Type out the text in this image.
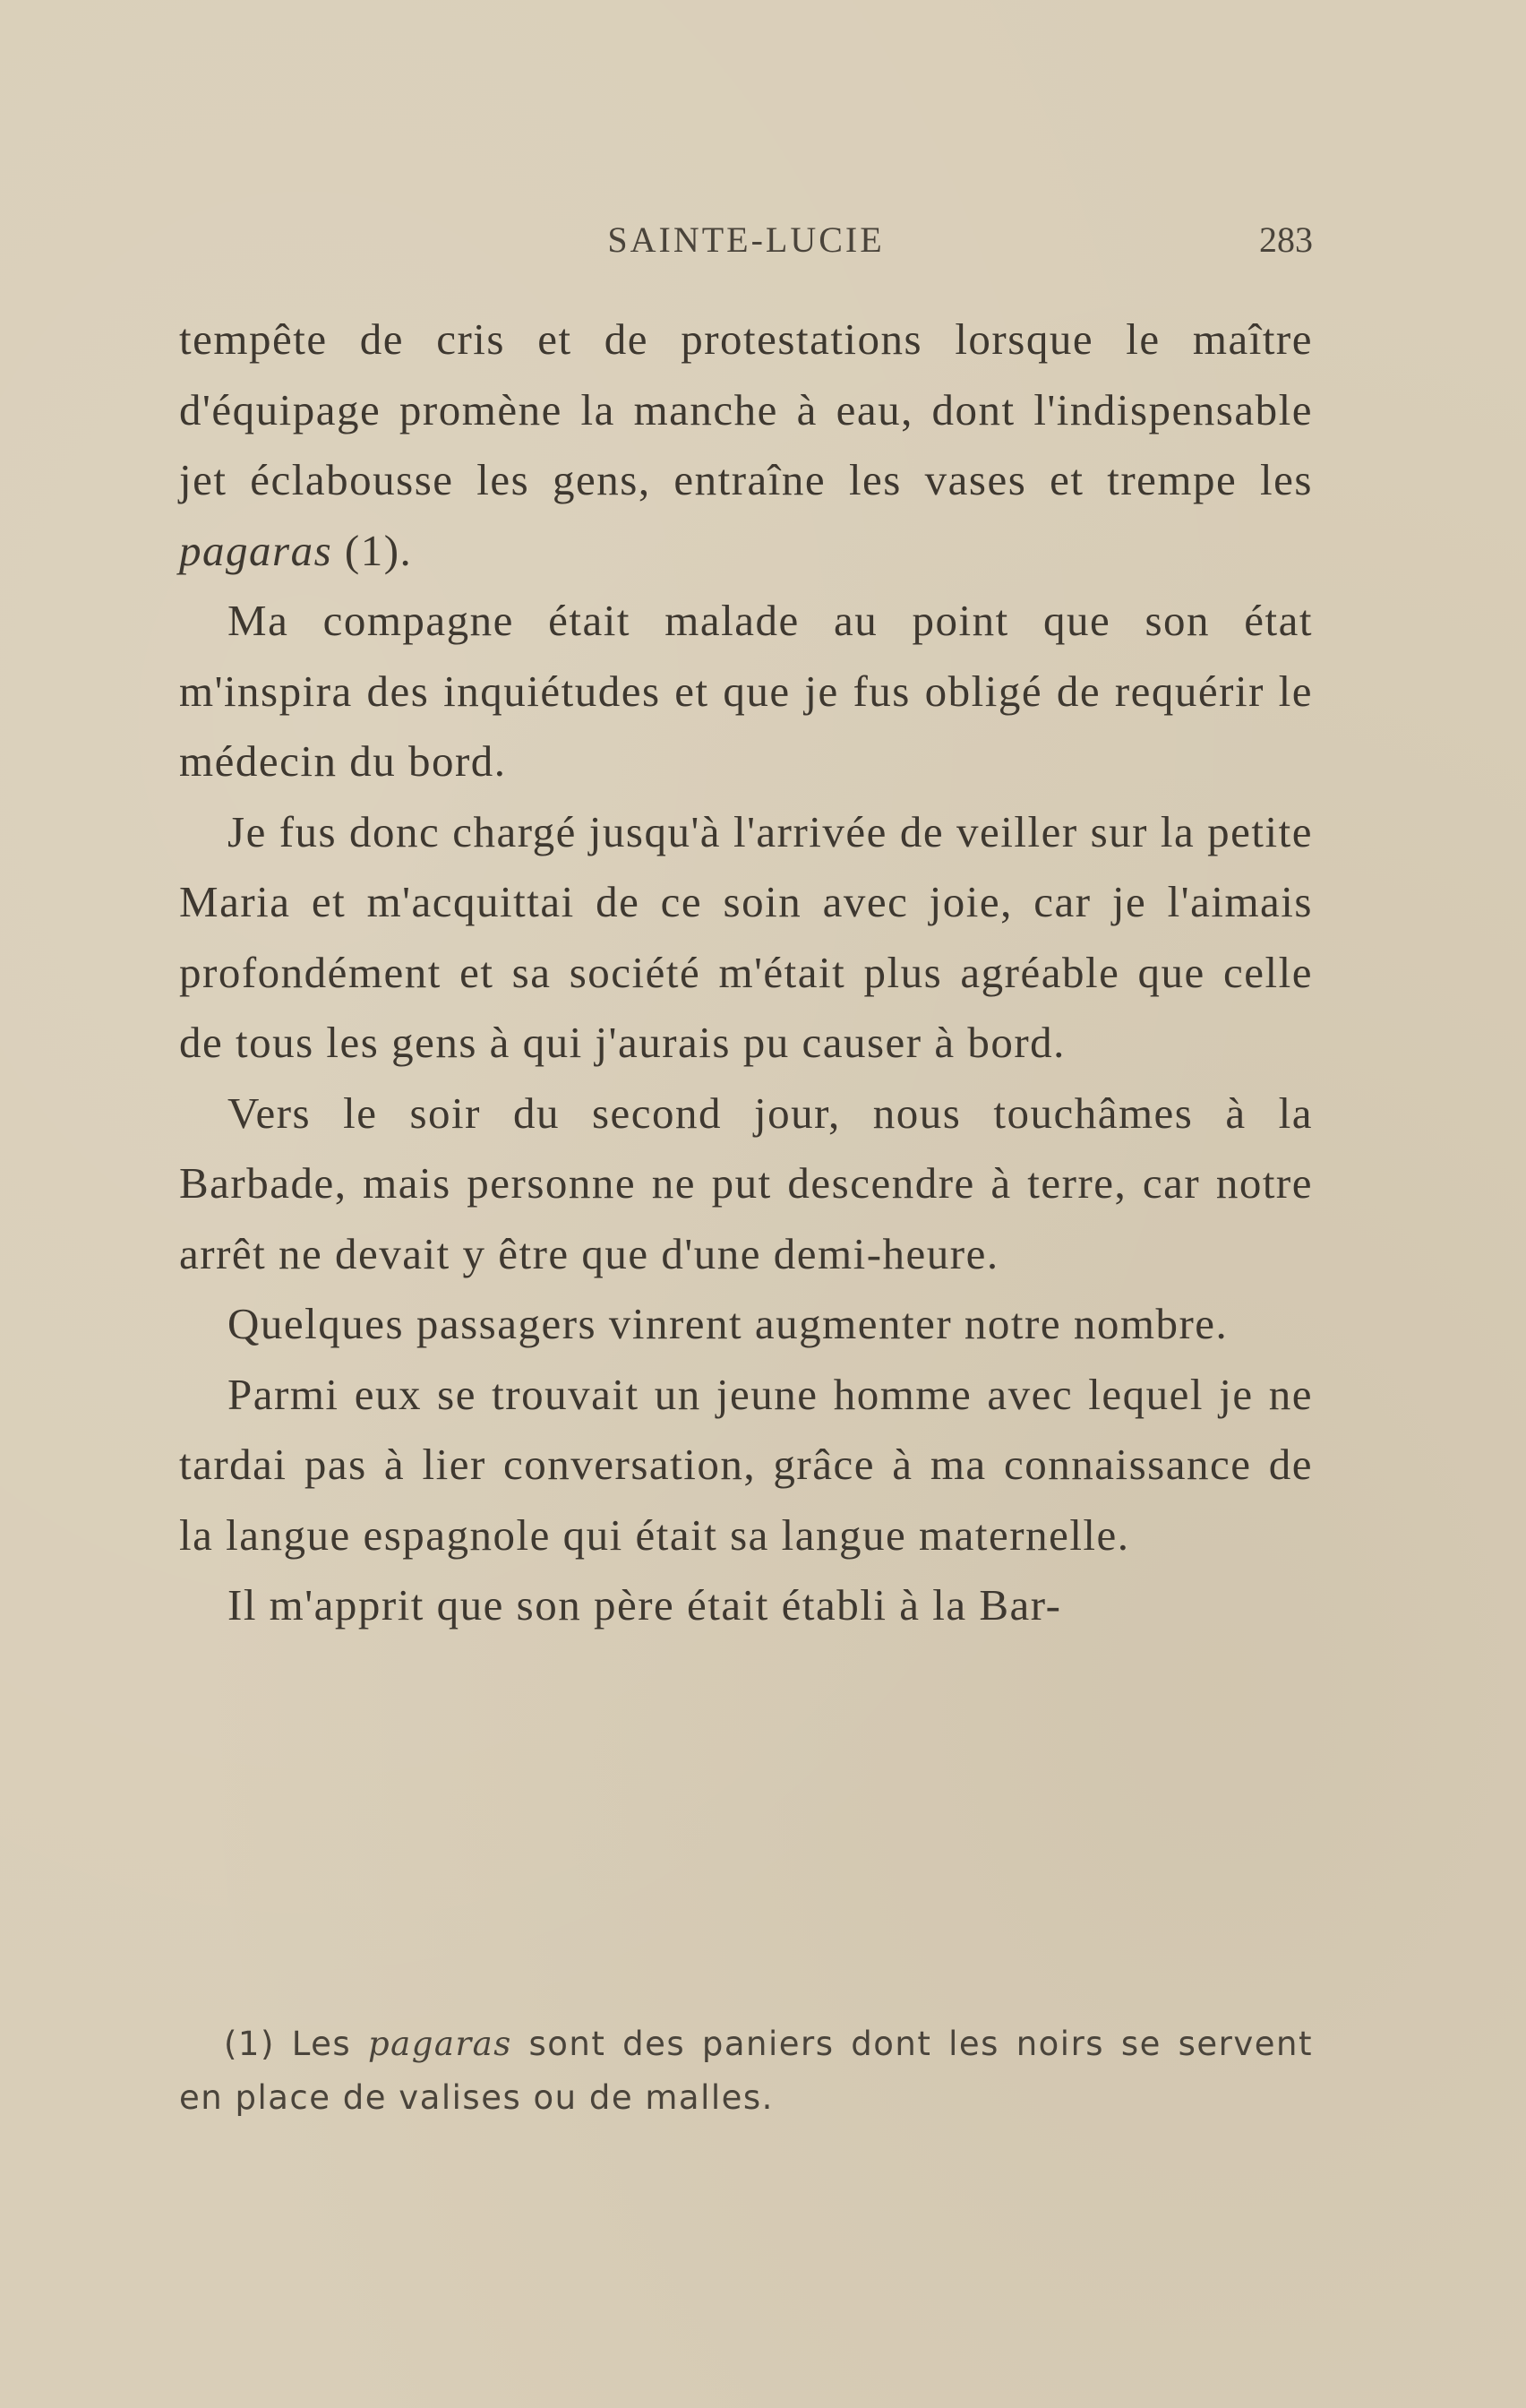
SAINTE-LUCIE	283

tempête de cris et de protestations lorsque le maître d'équipage promène la manche à eau, dont l'indispensable jet éclabousse les gens, entraîne les vases et trempe les pagaras (1).

Ma compagne était malade au point que son état m'inspira des inquiétudes et que je fus obligé de requérir le médecin du bord.

Je fus donc chargé jusqu'à l'arrivée de veiller sur la petite Maria et m'acquittai de ce soin avec joie, car je l'aimais profondément et sa société m'était plus agréable que celle de tous les gens à qui j'aurais pu causer à bord.

Vers le soir du second jour, nous touchâmes à la Barbade, mais personne ne put descendre à terre, car notre arrêt ne devait y être que d'une demi-heure.

Quelques passagers vinrent augmenter notre nombre.

Parmi eux se trouvait un jeune homme avec lequel je ne tardai pas à lier conversation, grâce à ma connaissance de la langue espagnole qui était sa langue maternelle.

Il m'apprit que son père était établi à la Bar-

(1) Les pagaras sont des paniers dont les noirs se servent en place de valises ou de malles.
